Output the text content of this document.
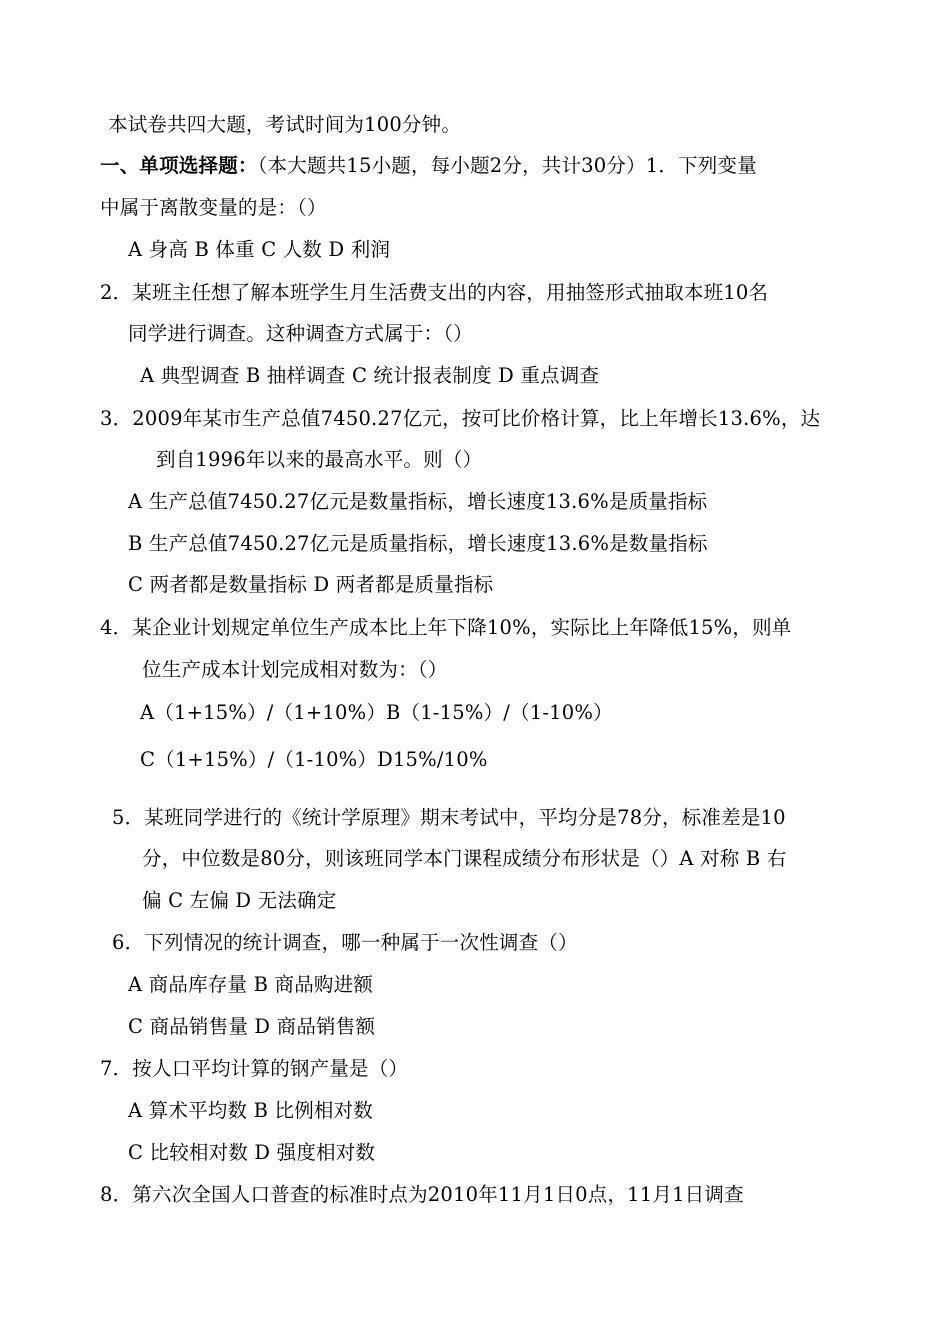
本试卷共四大题，考试时间为100分钟。
一、单项选择题：（本大题共15小题，每小题2分，共计30分）1．下列变量
中属于离散变量的是：（）
A 身高 B 体重 C 人数 D 利润
2．某班主任想了解本班学生月生活费支出的内容，用抽签形式抽取本班10名
同学进行调查。这种调查方式属于：（）
A 典型调查 B 抽样调查 C 统计报表制度 D 重点调查
3．2009年某市生产总值7450.27亿元，按可比价格计算，比上年增长13.6%，达
到自1996年以来的最高水平。则（）
A 生产总值7450.27亿元是数量指标，增长速度13.6%是质量指标
B 生产总值7450.27亿元是质量指标，增长速度13.6%是数量指标
C 两者都是数量指标 D 两者都是质量指标
4．某企业计划规定单位生产成本比上年下降10%，实际比上年降低15%，则单
位生产成本计划完成相对数为：（）
A（1+15%）/（1+10%）B（1-15%）/（1-10%）
C（1+15%）/（1-10%）D15%/10%
5．某班同学进行的《统计学原理》期末考试中，平均分是78分，标准差是10
分，中位数是80分，则该班同学本门课程成绩分布形状是（）A 对称 B 右
偏 C 左偏 D 无法确定
6．下列情况的统计调查，哪一种属于一次性调查（）
A 商品库存量 B 商品购进额
C 商品销售量 D 商品销售额
7．按人口平均计算的钢产量是（）
A 算术平均数 B 比例相对数
C 比较相对数 D 强度相对数
8．第六次全国人口普查的标准时点为2010年11月1日0点，11月1日调查
